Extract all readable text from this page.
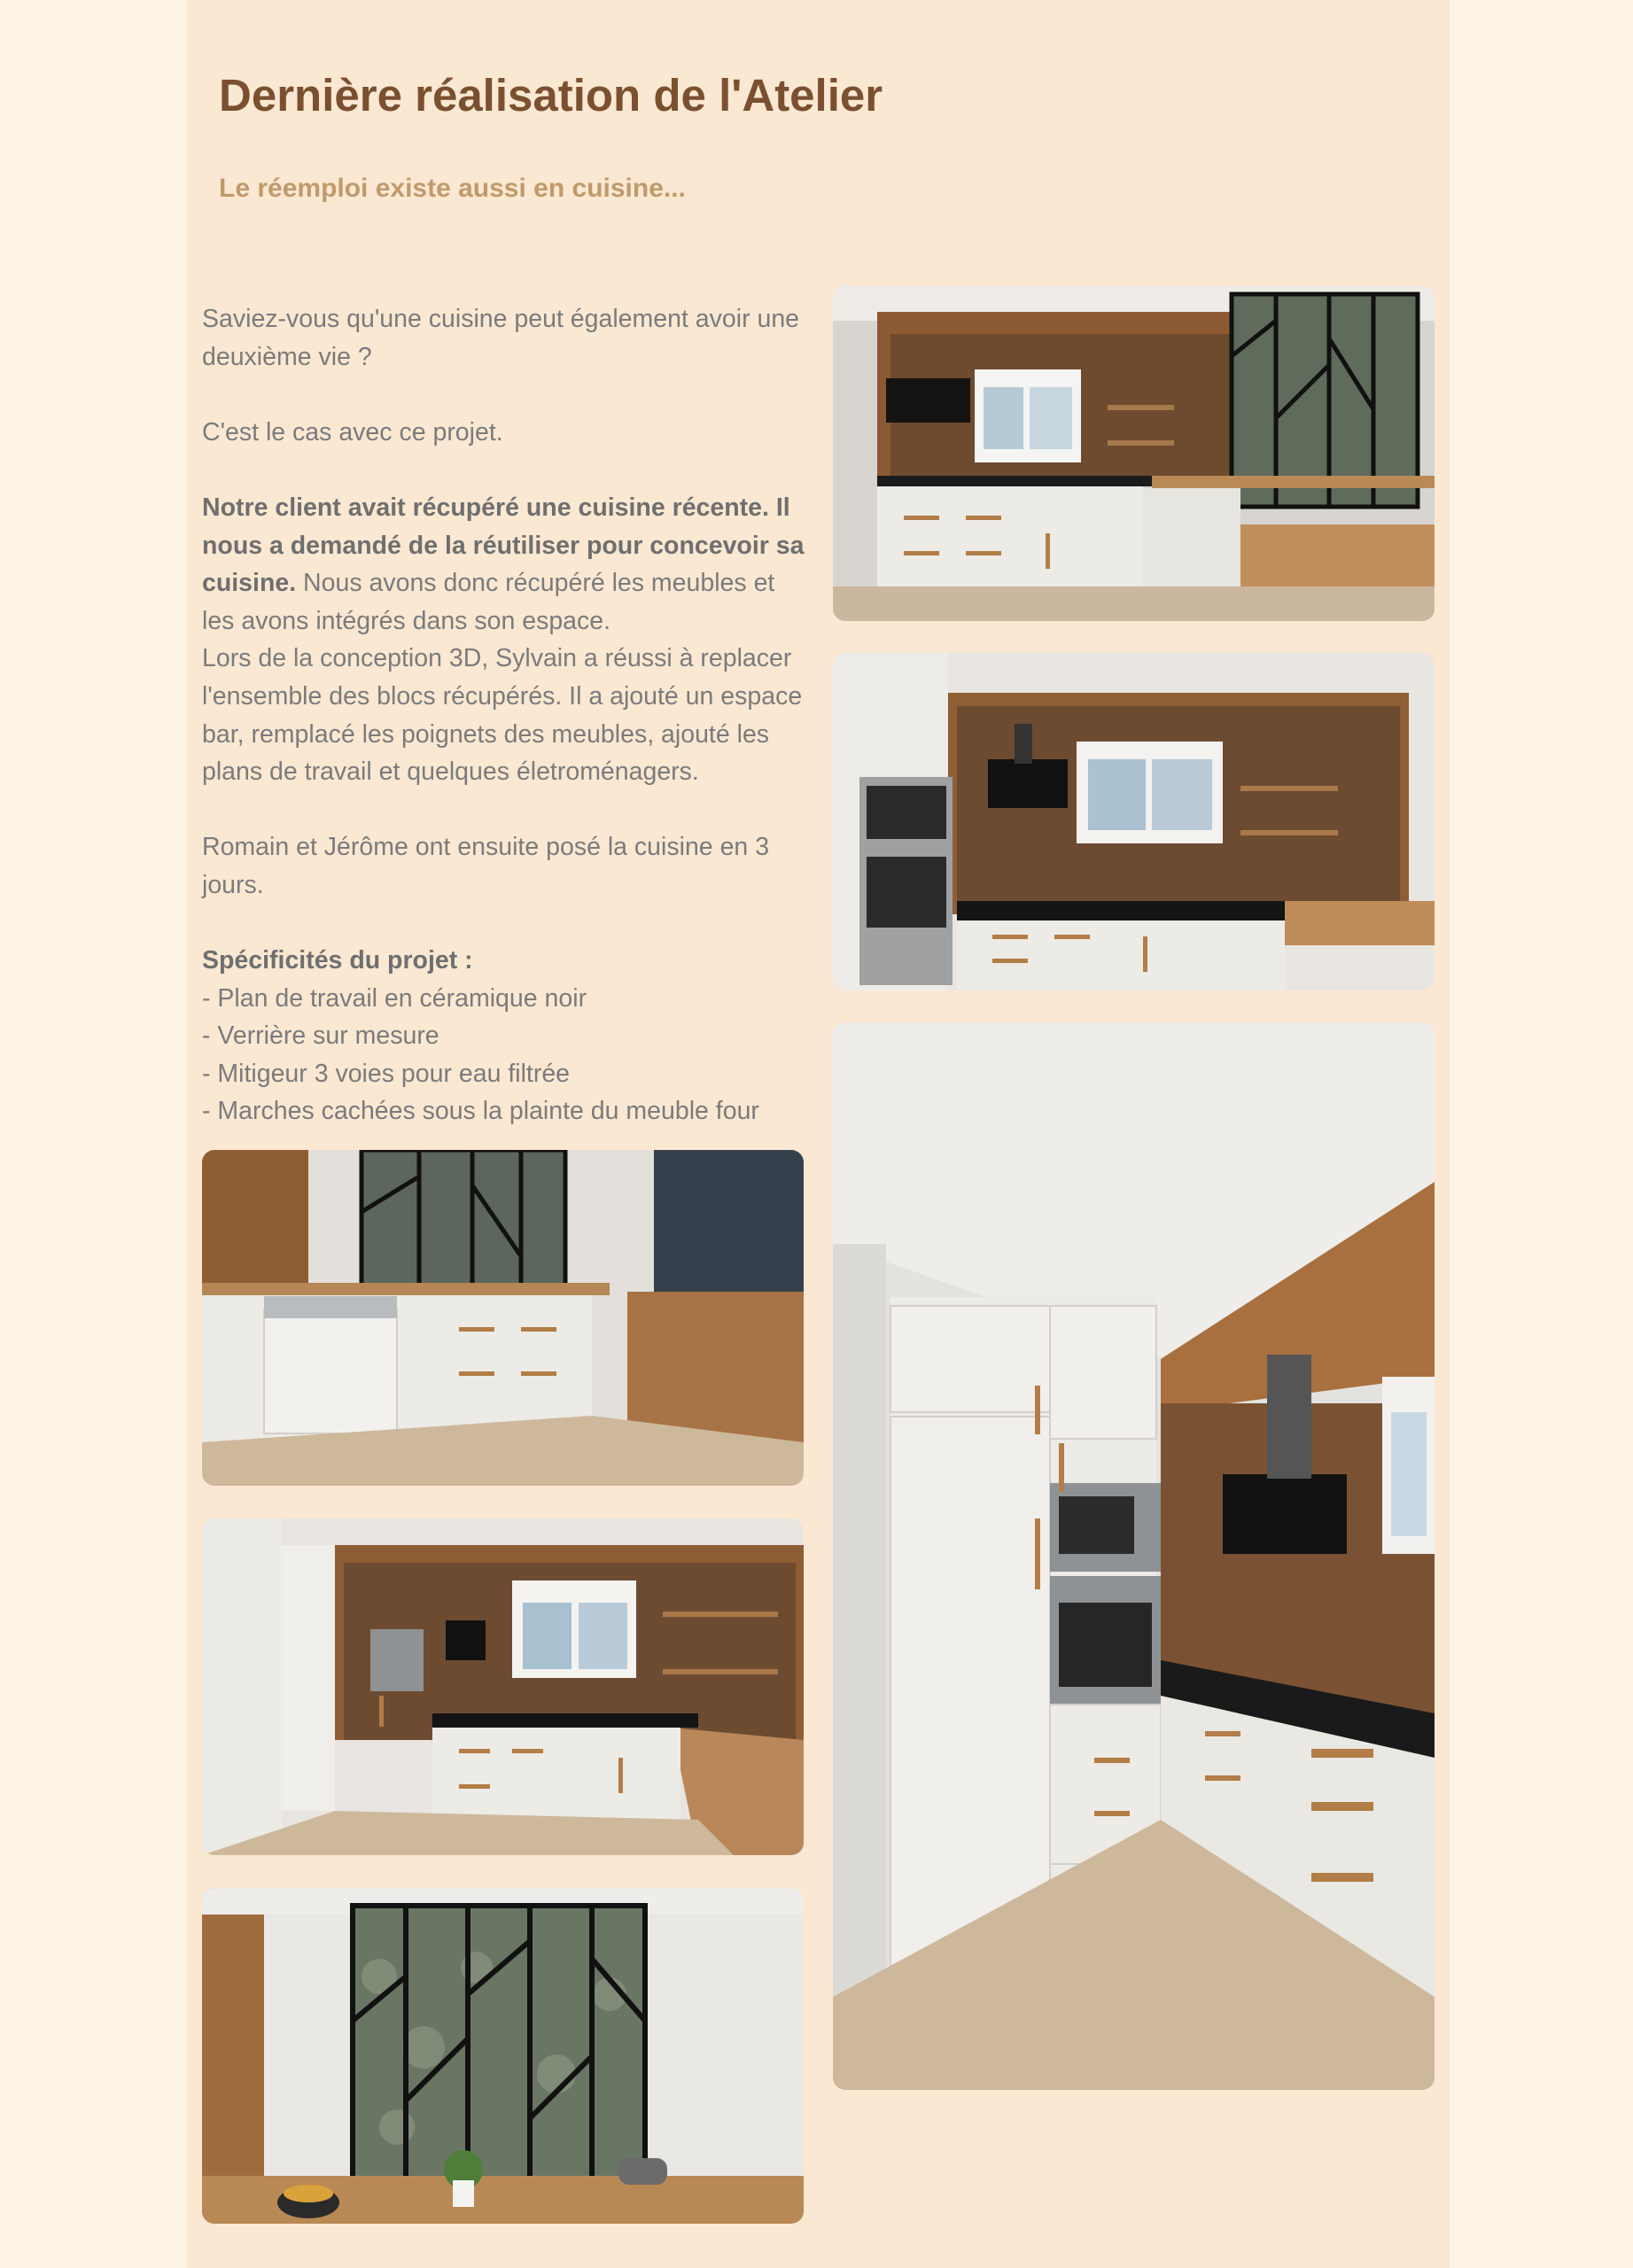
Dernière réalisation de l'Atelier
Le réemploi existe aussi en cuisine...

Saviez-vous qu'une cuisine peut également avoir une deuxième vie ?

C'est le cas avec ce projet.

Notre client avait récupéré une cuisine récente. Il nous a demandé de la réutiliser pour concevoir sa cuisine. Nous avons donc récupéré les meubles et les avons intégrés dans son espace.

Lors de la conception 3D, Sylvain a réussi à replacer l'ensemble des blocs récupérés. Il a ajouté un espace bar, remplacé les poignets des meubles, ajouté les plans de travail et quelques életroménagers.

Romain et Jérôme ont ensuite posé la cuisine en 3 jours.

Spécificités du projet :

- Plan de travail en céramique noir

- Verrière sur mesure

- Mitigeur 3 voies pour eau filtrée

- Marches cachées sous la plainte du meuble four
